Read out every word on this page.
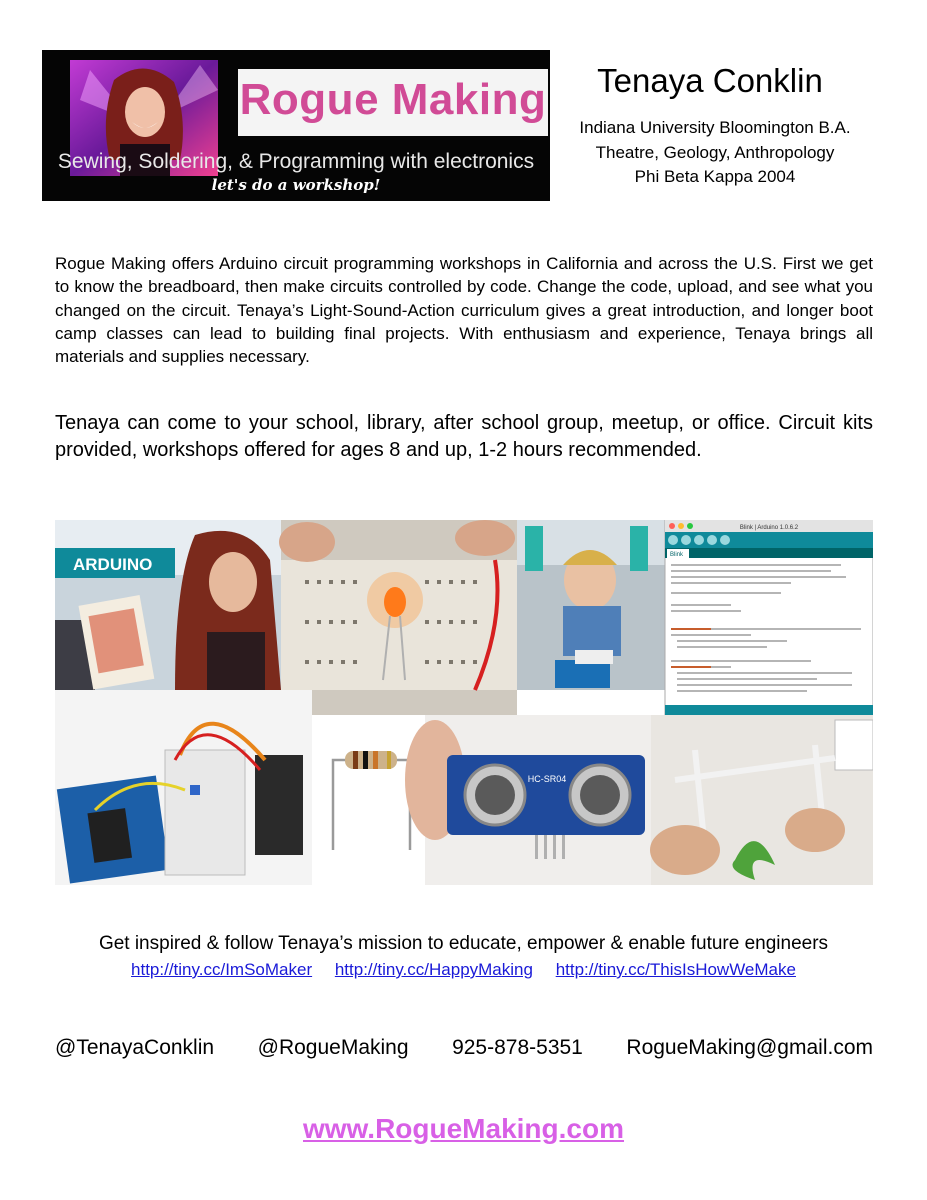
Rogue Making
Sewing, Soldering, & Programming with electronics
let's do a workshop!
Tenaya Conklin
Indiana University Bloomington B.A.
Theatre, Geology, Anthropology
Phi Beta Kappa 2004

Rogue Making offers Arduino circuit programming workshops in California and across the U.S. First we get to know the breadboard, then make circuits controlled by code. Change the code, upload, and see what you changed on the circuit. Tenaya’s Light-Sound-Action curriculum gives a great introduction, and longer boot camp classes can lead to building final projects. With enthusiasm and experience, Tenaya brings all materials and supplies necessary.

Tenaya can come to your school, library, after school group, meetup, or office. Circuit kits provided, workshops offered for ages 8 and up, 1-2 hours recommended.

ARDUINO
Blink | Arduino 1.0.6.2
Blink
HC-SR04
Get inspired & follow Tenaya’s mission to educate, empower & enable future engineers
http://tiny.cc/ImSoMaker http://tiny.cc/HappyMaking http://tiny.cc/ThisIsHowWeMake
@TenayaConklin @RogueMaking 925-878-5351 RogueMaking@gmail.com
www.RogueMaking.com
